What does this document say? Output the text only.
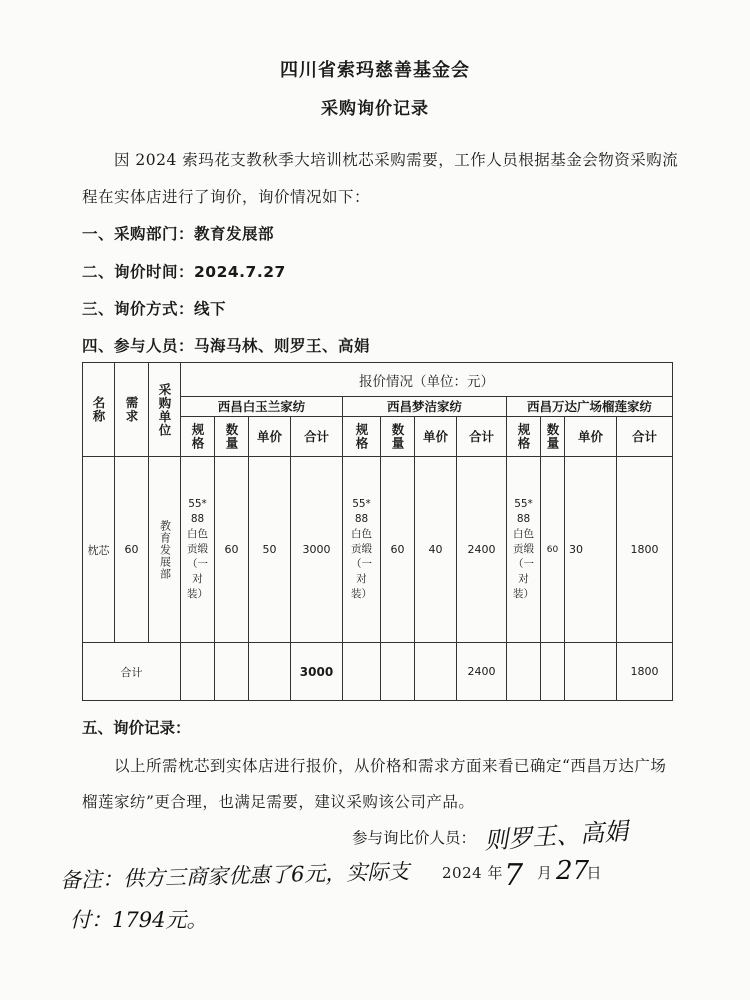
四川省索玛慈善基金会
采购询价记录
因 2024 索玛花支教秋季大培训枕芯采购需要，工作人员根据基金会物资采购流程在实体店进行了询价，询价情况如下：
一、采购部门：教育发展部
二、询价时间：2024.7.27
三、询价方式：线下
四、参与人员：马海马林、则罗王、高娟
名称	需求	采购单位	报价情况（单位：元）											
			西昌白玉兰家纺				西昌梦洁家纺				西昌万达广场榴莲家纺			

			规格	数量	单价	合计	规格	数量	单价	合计	规格	数量	单价	合计
枕芯	60	教育发展部	55*88白色贡缎（一对装）	60	50	3000	55*88白色贡缎（一对装）	60	40	2400	55*88白色贡缎（一对装）	60	30	1800
合计						3000				2400				1800
五、询价记录：
以上所需枕芯到实体店进行报价，从价格和需求方面来看已确定“西昌万达广场榴莲家纺”更合理，也满足需要，建议采购该公司产品。
参与询比价人员： 则罗王、高娟
2024 年 月 日
7 27
备注：供方三商家优惠了6元，实际支
付：1794元。
